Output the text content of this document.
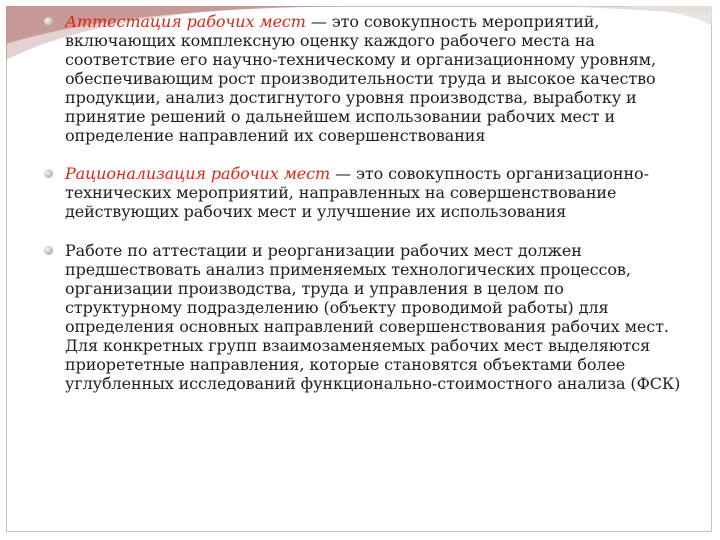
Аттестация рабочих мест — это совокупность мероприятий, включающих комплексную оценку каждого рабочего места на соответствие его научно-техническому и организационному уровням, обеспечивающим рост производительности труда и высокое качество продукции, анализ достигнутого уровня производства, выработку и принятие решений о дальнейшем использовании рабочих мест и определение направлений их совершенствования
Рационализация рабочих мест — это совокупность организационно-технических мероприятий, направленных на совершенствование действующих рабочих мест и улучшение их использования
Работе по аттестации и реорганизации рабочих мест должен предшествовать анализ применяемых технологических процессов, организации производства, труда и управления в целом по структурному подразделению (объекту проводимой работы) для определения основных направлений совершенствования рабочих мест. Для конкретных групп взаимозаменяемых рабочих мест выделяются приорететные направления, которые становятся объектами более углубленных исследований функционально-стоимостного анализа (ФСК)
